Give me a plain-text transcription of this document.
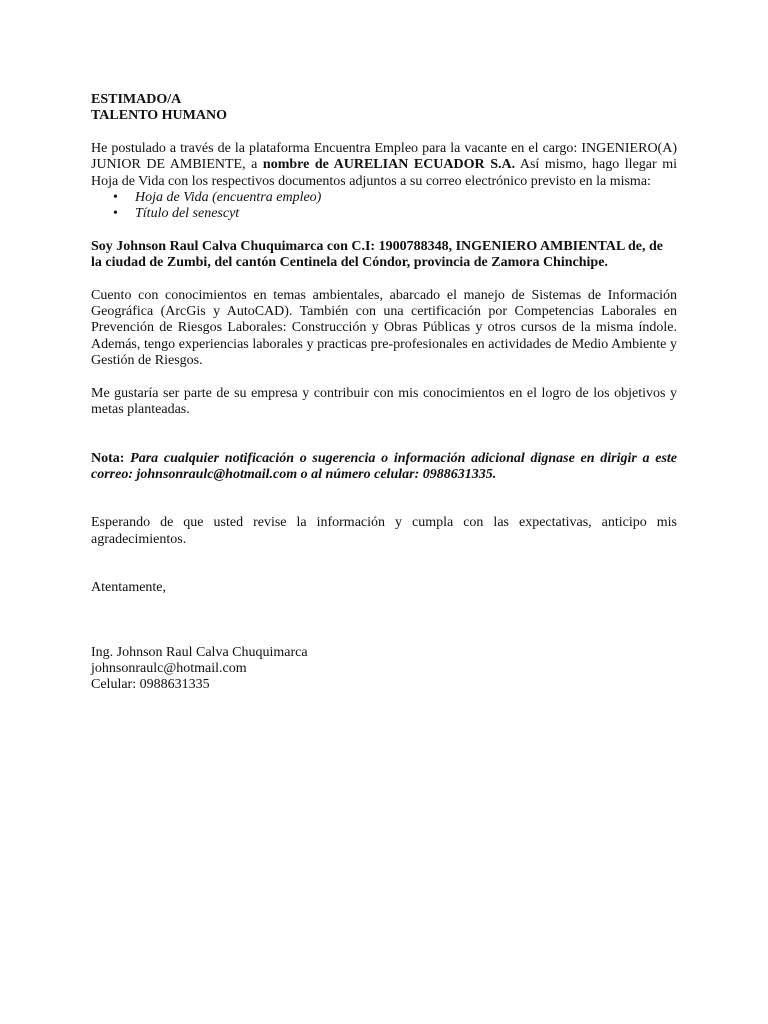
ESTIMADO/A
TALENTO HUMANO

He postulado a través de la plataforma Encuentra Empleo para la vacante en el cargo: INGENIERO(A) JUNIOR DE AMBIENTE, a nombre de AURELIAN ECUADOR S.A. Así mismo, hago llegar mi Hoja de Vida con los respectivos documentos adjuntos a su correo electrónico previsto en la misma:

• Hoja de Vida (encuentra empleo)
• Título del senescyt

Soy Johnson Raul Calva Chuquimarca con C.I: 1900788348, INGENIERO AMBIENTAL de, de la ciudad de Zumbi, del cantón Centinela del Cóndor, provincia de Zamora Chinchipe.

Cuento con conocimientos en temas ambientales, abarcado el manejo de Sistemas de Información Geográfica (ArcGis y AutoCAD). También con una certificación por Competencias Laborales en Prevención de Riesgos Laborales: Construcción y Obras Públicas y otros cursos de la misma índole. Además, tengo experiencias laborales y practicas pre-profesionales en actividades de Medio Ambiente y Gestión de Riesgos.

Me gustaría ser parte de su empresa y contribuir con mis conocimientos en el logro de los objetivos y metas planteadas.

Nota: Para cualquier notificación o sugerencia o información adicional dignase en dirigir a este correo: johnsonraulc@hotmail.com o al número celular: 0988631335.

Esperando de que usted revise la información y cumpla con las expectativas, anticipo mis agradecimientos.

Atentamente,

Ing. Johnson Raul Calva Chuquimarca
johnsonraulc@hotmail.com
Celular: 0988631335
